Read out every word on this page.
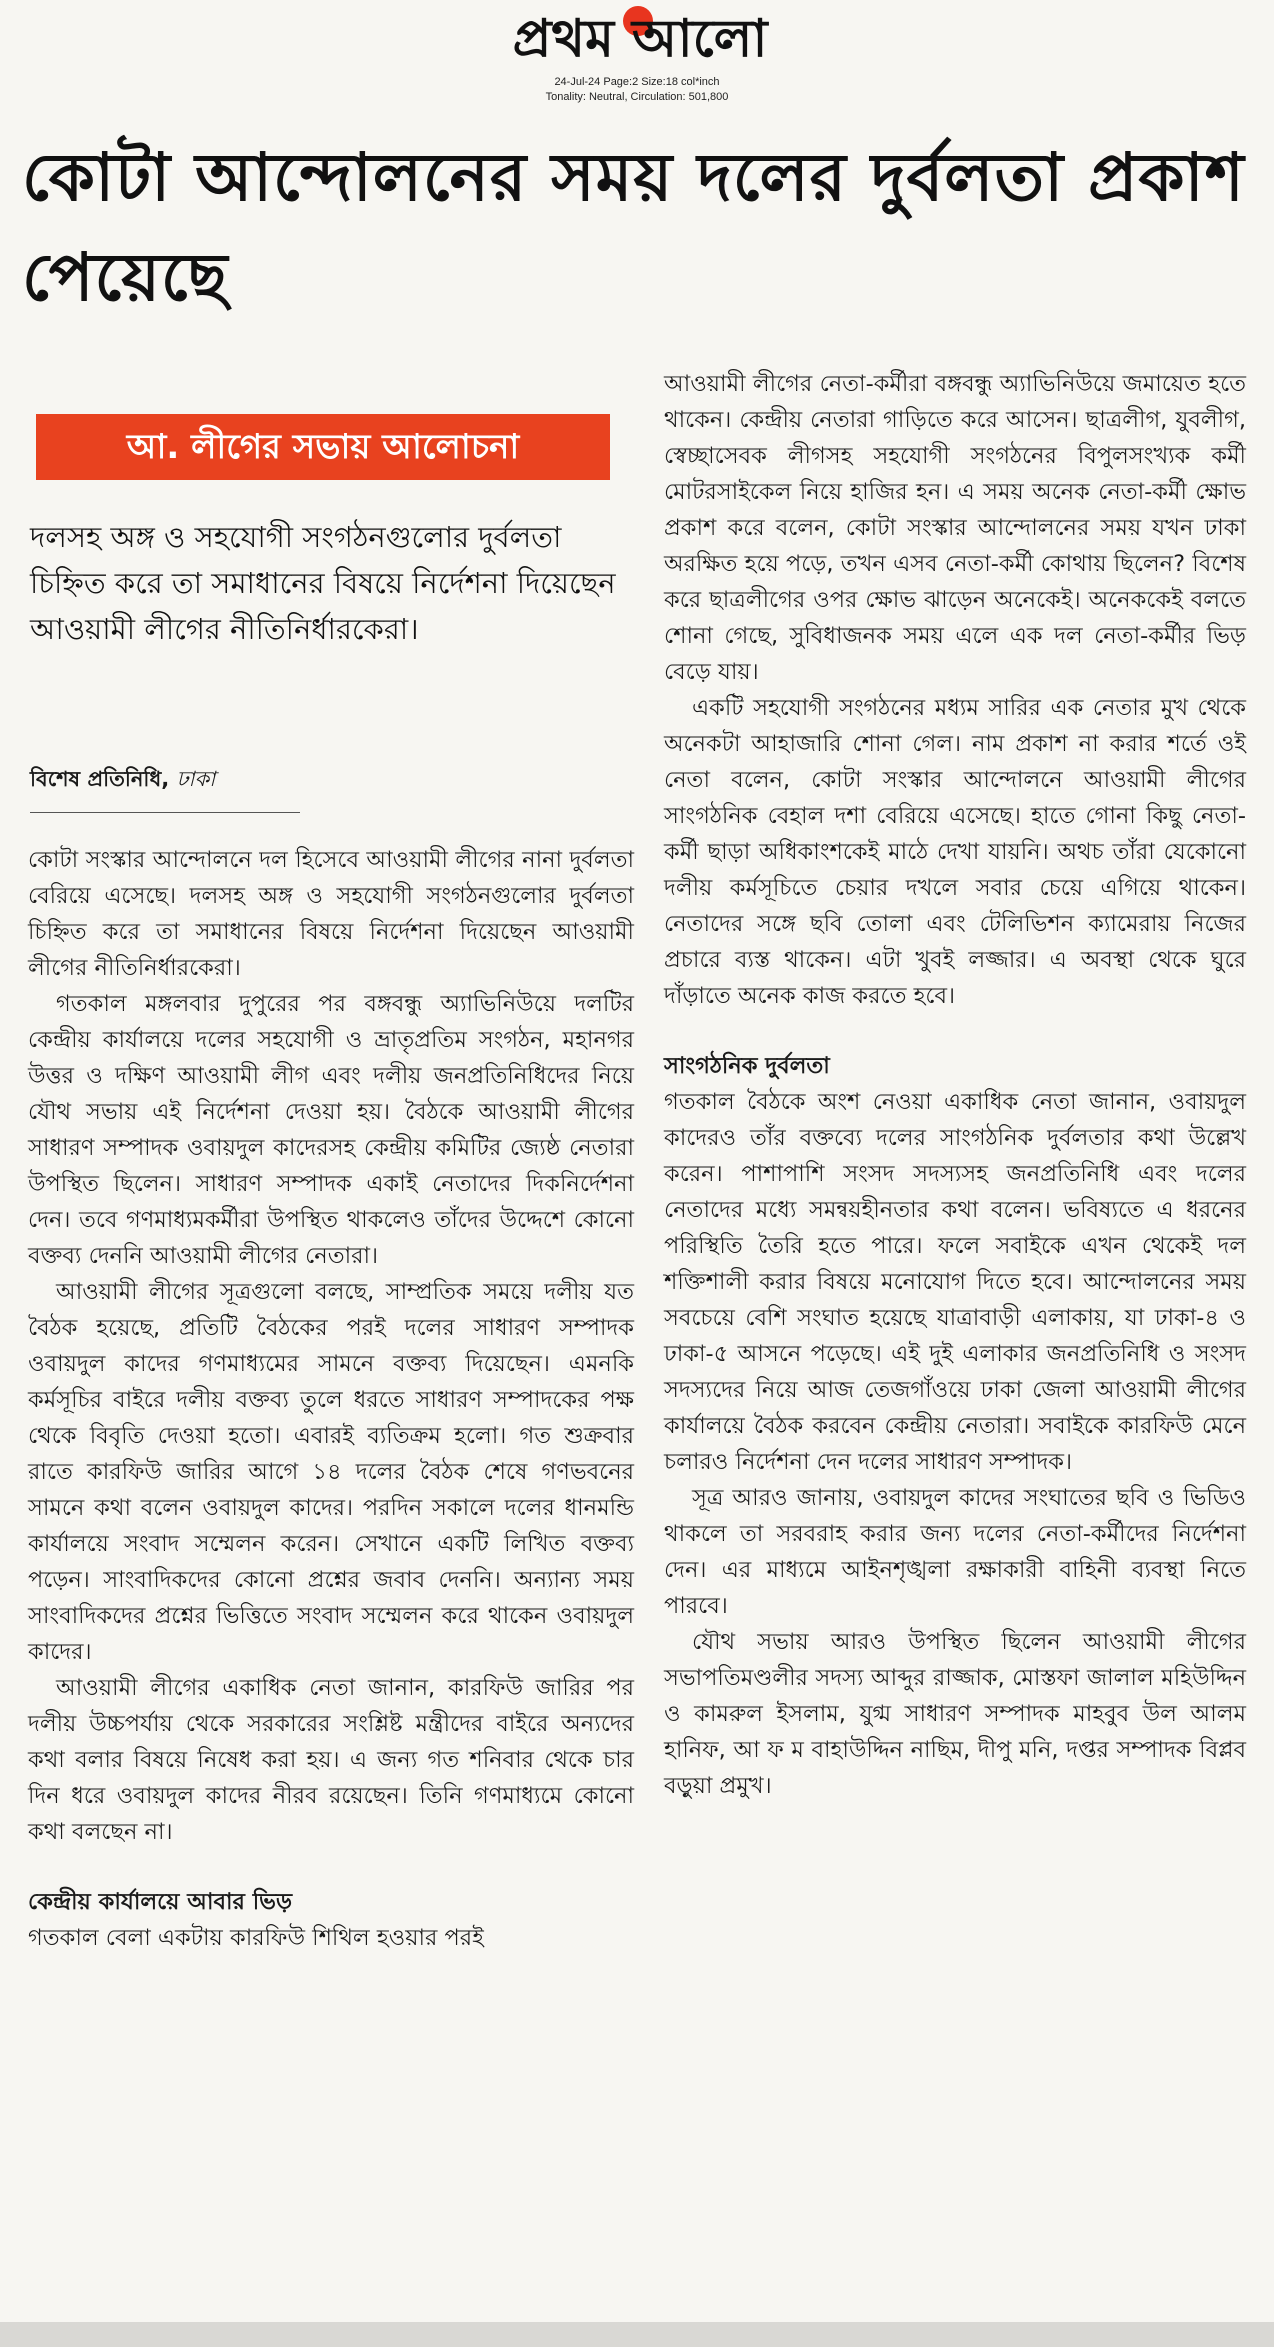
প্রথম আলো
24-Jul-24 Page:2 Size:18 col*inch
Tonality: Neutral, Circulation: 501,800
কোটা আন্দোলনের সময় দলের দুর্বলতা প্রকাশ পেয়েছে
আ. লীগের সভায় আলোচনা
দলসহ অঙ্গ ও সহযোগী সংগঠনগুলোর দুর্বলতা চিহ্নিত করে তা সমাধানের বিষয়ে নির্দেশনা দিয়েছেন আওয়ামী লীগের নীতিনির্ধারকেরা।
বিশেষ প্রতিনিধি, ঢাকা

কোটা সংস্কার আন্দোলনে দল হিসেবে আওয়ামী লীগের নানা দুর্বলতা বেরিয়ে এসেছে। দলসহ অঙ্গ ও সহযোগী সংগঠনগুলোর দুর্বলতা চিহ্নিত করে তা সমাধানের বিষয়ে নির্দেশনা দিয়েছেন আওয়ামী লীগের নীতিনির্ধারকেরা।

গতকাল মঙ্গলবার দুপুরের পর বঙ্গবন্ধু অ্যাভিনিউয়ে দলটির কেন্দ্রীয় কার্যালয়ে দলের সহযোগী ও ভ্রাতৃপ্রতিম সংগঠন, মহানগর উত্তর ও দক্ষিণ আওয়ামী লীগ এবং দলীয় জনপ্রতিনিধিদের নিয়ে যৌথ সভায় এই নির্দেশনা দেওয়া হয়। বৈঠকে আওয়ামী লীগের সাধারণ সম্পাদক ওবায়দুল কাদেরসহ কেন্দ্রীয় কমিটির জ্যেষ্ঠ নেতারা উপস্থিত ছিলেন। সাধারণ সম্পাদক একাই নেতাদের দিকনির্দেশনা দেন। তবে গণমাধ্যমকর্মীরা উপস্থিত থাকলেও তাঁদের উদ্দেশে কোনো বক্তব্য দেননি আওয়ামী লীগের নেতারা।

আওয়ামী লীগের সূত্রগুলো বলছে, সাম্প্রতিক সময়ে দলীয় যত বৈঠক হয়েছে, প্রতিটি বৈঠকের পরই দলের সাধারণ সম্পাদক ওবায়দুল কাদের গণমাধ্যমের সামনে বক্তব্য দিয়েছেন। এমনকি কর্মসূচির বাইরে দলীয় বক্তব্য তুলে ধরতে সাধারণ সম্পাদকের পক্ষ থেকে বিবৃতি দেওয়া হতো। এবারই ব্যতিক্রম হলো। গত শুক্রবার রাতে কারফিউ জারির আগে ১৪ দলের বৈঠক শেষে গণভবনের সামনে কথা বলেন ওবায়দুল কাদের। পরদিন সকালে দলের ধানমন্ডি কার্যালয়ে সংবাদ সম্মেলন করেন। সেখানে একটি লিখিত বক্তব্য পড়েন। সাংবাদিকদের কোনো প্রশ্নের জবাব দেননি। অন্যান্য সময় সাংবাদিকদের প্রশ্নের ভিত্তিতে সংবাদ সম্মেলন করে থাকেন ওবায়দুল কাদের।

আওয়ামী লীগের একাধিক নেতা জানান, কারফিউ জারির পর দলীয় উচ্চপর্যায় থেকে সরকারের সংশ্লিষ্ট মন্ত্রীদের বাইরে অন্যদের কথা বলার বিষয়ে নিষেধ করা হয়। এ জন্য গত শনিবার থেকে চার দিন ধরে ওবায়দুল কাদের নীরব রয়েছেন। তিনি গণমাধ্যমে কোনো কথা বলছেন না।

কেন্দ্রীয় কার্যালয়ে আবার ভিড়

গতকাল বেলা একটায় কারফিউ শিথিল হওয়ার পরই

আওয়ামী লীগের নেতা-কর্মীরা বঙ্গবন্ধু অ্যাভিনিউয়ে জমায়েত হতে থাকেন। কেন্দ্রীয় নেতারা গাড়িতে করে আসেন। ছাত্রলীগ, যুবলীগ, স্বেচ্ছাসেবক লীগসহ সহযোগী সংগঠনের বিপুলসংখ্যক কর্মী মোটরসাইকেল নিয়ে হাজির হন। এ সময় অনেক নেতা-কর্মী ক্ষোভ প্রকাশ করে বলেন, কোটা সংস্কার আন্দোলনের সময় যখন ঢাকা অরক্ষিত হয়ে পড়ে, তখন এসব নেতা-কর্মী কোথায় ছিলেন? বিশেষ করে ছাত্রলীগের ওপর ক্ষোভ ঝাড়েন অনেকেই। অনেককেই বলতে শোনা গেছে, সুবিধাজনক সময় এলে এক দল নেতা-কর্মীর ভিড় বেড়ে যায়।

একটি সহযোগী সংগঠনের মধ্যম সারির এক নেতার মুখ থেকে অনেকটা আহাজারি শোনা গেল। নাম প্রকাশ না করার শর্তে ওই নেতা বলেন, কোটা সংস্কার আন্দোলনে আওয়ামী লীগের সাংগঠনিক বেহাল দশা বেরিয়ে এসেছে। হাতে গোনা কিছু নেতা-কর্মী ছাড়া অধিকাংশকেই মাঠে দেখা যায়নি। অথচ তাঁরা যেকোনো দলীয় কর্মসূচিতে চেয়ার দখলে সবার চেয়ে এগিয়ে থাকেন। নেতাদের সঙ্গে ছবি তোলা এবং টেলিভিশন ক্যামেরায় নিজের প্রচারে ব্যস্ত থাকেন। এটা খুবই লজ্জার। এ অবস্থা থেকে ঘুরে দাঁড়াতে অনেক কাজ করতে হবে।

সাংগঠনিক দুর্বলতা

গতকাল বৈঠকে অংশ নেওয়া একাধিক নেতা জানান, ওবায়দুল কাদেরও তাঁর বক্তব্যে দলের সাংগঠনিক দুর্বলতার কথা উল্লেখ করেন। পাশাপাশি সংসদ সদস্যসহ জনপ্রতিনিধি এবং দলের নেতাদের মধ্যে সমন্বয়হীনতার কথা বলেন। ভবিষ্যতে এ ধরনের পরিস্থিতি তৈরি হতে পারে। ফলে সবাইকে এখন থেকেই দল শক্তিশালী করার বিষয়ে মনোযোগ দিতে হবে। আন্দোলনের সময় সবচেয়ে বেশি সংঘাত হয়েছে যাত্রাবাড়ী এলাকায়, যা ঢাকা-৪ ও ঢাকা-৫ আসনে পড়েছে। এই দুই এলাকার জনপ্রতিনিধি ও সংসদ সদস্যদের নিয়ে আজ তেজগাঁওয়ে ঢাকা জেলা আওয়ামী লীগের কার্যালয়ে বৈঠক করবেন কেন্দ্রীয় নেতারা। সবাইকে কারফিউ মেনে চলারও নির্দেশনা দেন দলের সাধারণ সম্পাদক।

সূত্র আরও জানায়, ওবায়দুল কাদের সংঘাতের ছবি ও ভিডিও থাকলে তা সরবরাহ করার জন্য দলের নেতা-কর্মীদের নির্দেশনা দেন। এর মাধ্যমে আইনশৃঙ্খলা রক্ষাকারী বাহিনী ব্যবস্থা নিতে পারবে।

যৌথ সভায় আরও উপস্থিত ছিলেন আওয়ামী লীগের সভাপতিমণ্ডলীর সদস্য আব্দুর রাজ্জাক, মোস্তফা জালাল মহিউদ্দিন ও কামরুল ইসলাম, যুগ্ম সাধারণ সম্পাদক মাহবুব উল আলম হানিফ, আ ফ ম বাহাউদ্দিন নাছিম, দীপু মনি, দপ্তর সম্পাদক বিপ্লব বড়ুয়া প্রমুখ।
